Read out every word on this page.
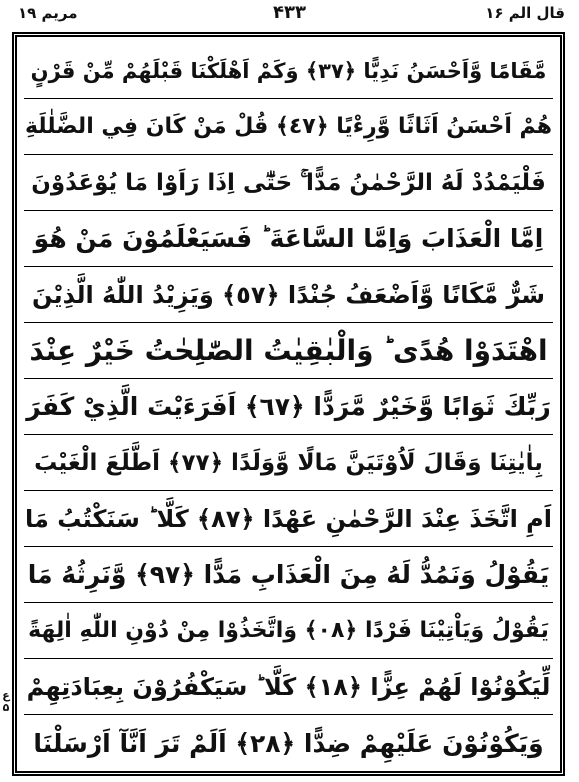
مریم ۱۹	۴۳۳	قال الم ۱۶
مَّقَامًا وَّاَحْسَنُ نَدِيًّا ﴿٧٣﴾ وَكَمْ اَهْلَكْنَا قَبْلَهُمْ مِّنْ قَرْنٍ
هُمْ اَحْسَنُ اَثَاثًا وَّرِءْيًا ﴿٧٤﴾ قُلْ مَنْ كَانَ فِي الضَّلٰلَةِ
فَلْيَمْدُدْ لَهُ الرَّحْمٰنُ مَدًّا ۚ حَتّٰٓى اِذَا رَاَوْا مَا يُوْعَدُوْنَ
اِمَّا الْعَذَابَ وَاِمَّا السَّاعَةَ ؕ فَسَيَعْلَمُوْنَ مَنْ هُوَ
شَرٌّ مَّكَانًا وَّاَضْعَفُ جُنْدًا ﴿٧٥﴾ وَيَزِيْدُ اللّٰهُ الَّذِيْنَ
اهْتَدَوْا هُدًى ؕ وَالْبٰقِيٰتُ الصّٰلِحٰتُ خَيْرٌ عِنْدَ
رَبِّكَ ثَوَابًا وَّخَيْرٌ مَّرَدًّا ﴿٧٦﴾ اَفَرَءَيْتَ الَّذِيْ كَفَرَ
بِاٰيٰتِنَا وَقَالَ لَاُوْتَيَنَّ مَالًا وَّوَلَدًا ﴿٧٧﴾ اَطَّلَعَ الْغَيْبَ
اَمِ اتَّخَذَ عِنْدَ الرَّحْمٰنِ عَهْدًا ﴿٧٨﴾ كَلَّا ؕ سَنَكْتُبُ مَا
يَقُوْلُ وَنَمُدُّ لَهُ مِنَ الْعَذَابِ مَدًّا ﴿٧٩﴾ وَّنَرِثُهُ مَا
يَقُوْلُ وَيَاْتِيْنَا فَرْدًا ﴿٨٠﴾ وَاتَّخَذُوْا مِنْ دُوْنِ اللّٰهِ اٰلِهَةً
لِّيَكُوْنُوْا لَهُمْ عِزًّا ﴿٨١﴾ كَلَّا ؕ سَيَكْفُرُوْنَ بِعِبَادَتِهِمْ
وَيَكُوْنُوْنَ عَلَيْهِمْ ضِدًّا ﴿٨٢﴾ اَلَمْ تَرَ اَنَّآ اَرْسَلْنَا
ع ۵
